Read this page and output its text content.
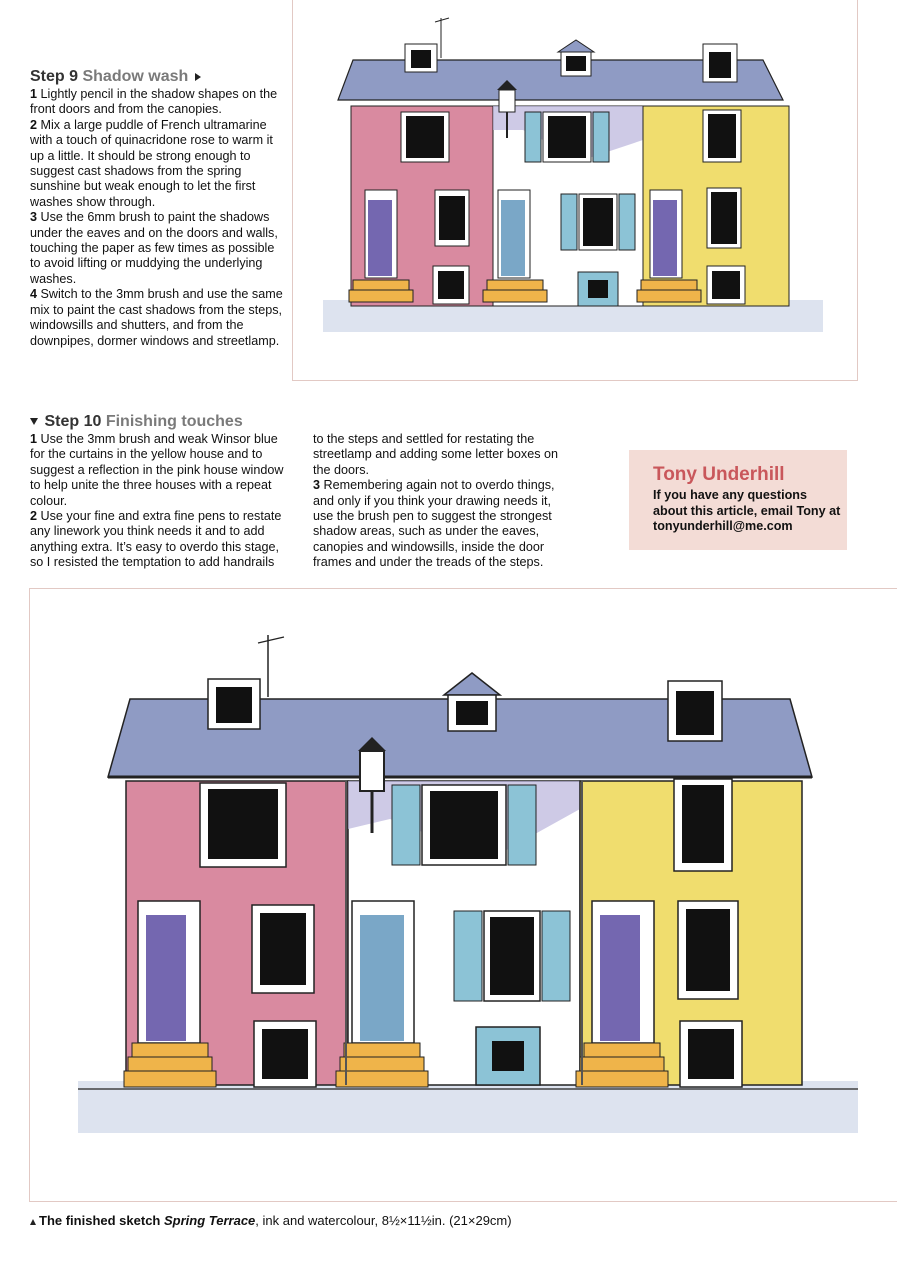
Step 9 Shadow wash

1 Lightly pencil in the shadow shapes on the front doors and from the canopies.

2 Mix a large puddle of French ultramarine with a touch of quinacridone rose to warm it up a little. It should be strong enough to suggest cast shadows from the spring sunshine but weak enough to let the first washes show through.

3 Use the 6mm brush to paint the shadows under the eaves and on the doors and walls, touching the paper as few times as possible to avoid lifting or muddying the underlying washes.

4 Switch to the 3mm brush and use the same mix to paint the cast shadows from the steps, windowsills and shutters, and from the downpipes, dormer windows and streetlamp.

Step 10 Finishing touches

1 Use the 3mm brush and weak Winsor blue for the curtains in the yellow house and to suggest a reflection in the pink house window to help unite the three houses with a repeat colour.

2 Use your fine and extra fine pens to restate any linework you think needs it and to add anything extra. It’s easy to overdo this stage, so I resisted the temptation to add handrails

to the steps and settled for restating the streetlamp and adding some letter boxes on the doors.

3 Remembering again not to overdo things, and only if you think your drawing needs it, use the brush pen to suggest the strongest shadow areas, such as under the eaves, canopies and windowsills, inside the door frames and under the treads of the steps.

Tony Underhill
If you have any questions about this article, email Tony at tonyunderhill@me.com
The finished sketch Spring Terrace, ink and watercolour, 8½×11½in. (21×29cm)
